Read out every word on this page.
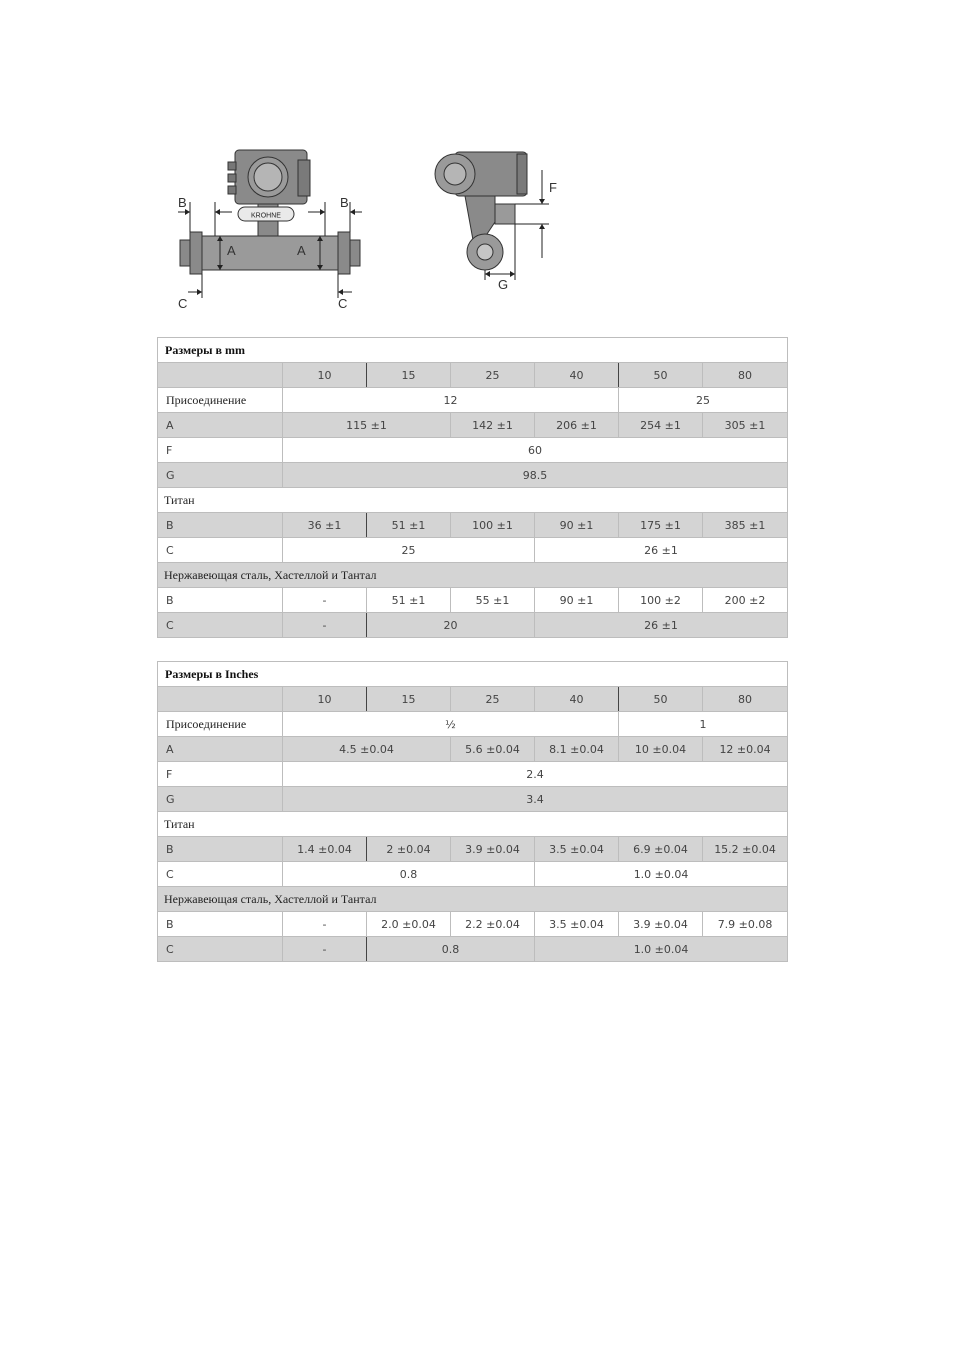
KROHNE
B	B
A	A
C	C
F
G
Размеры в mm						
	10	15	25	40	50	80
Присоединение	12				25	
A	115 ±1		142 ±1	206 ±1	254 ±1	305 ±1
F	60					
G	98.5					
Титан						
B	36 ±1	51 ±1	100 ±1	90 ±1	175 ±1	385 ±1
C	25			26 ±1		
Нержавеющая сталь, Хастеллой и Тантал						
B	-	51 ±1	55 ±1	90 ±1	100 ±2	200 ±2
C	-	20		26 ±1		
Размеры в Inches						
	10	15	25	40	50	80
Присоединение	½				1	
A	4.5 ±0.04		5.6 ±0.04	8.1 ±0.04	10 ±0.04	12 ±0.04
F	2.4					
G	3.4					
Титан						
B	1.4 ±0.04	2 ±0.04	3.9 ±0.04	3.5 ±0.04	6.9 ±0.04	15.2 ±0.04
C	0.8			1.0 ±0.04		
Нержавеющая сталь, Хастеллой и Тантал						
B	-	2.0 ±0.04	2.2 ±0.04	3.5 ±0.04	3.9 ±0.04	7.9 ±0.08
C	-	0.8		1.0 ±0.04		
